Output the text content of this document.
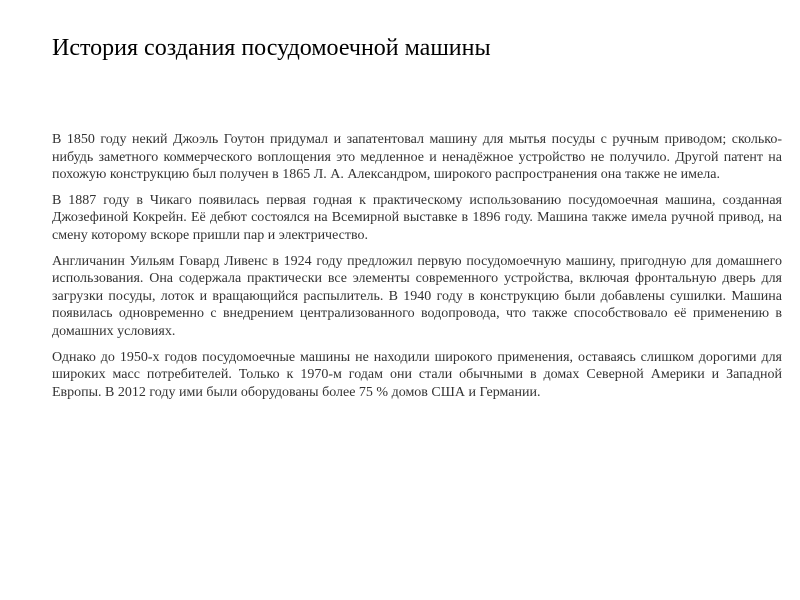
История создания посудомоечной машины

В 1850 году некий Джоэль Гоутон придумал и запатентовал машину для мытья посуды с ручным приводом; сколько-нибудь заметного коммерческого воплощения это медленное и ненадёжное устройство не получило. Другой патент на похожую конструкцию был получен в 1865 Л. А. Александром, широкого распространения она также не имела.

В 1887 году в Чикаго появилась первая годная к практическому использованию посудомоечная машина, созданная Джозефиной Кокрейн. Её дебют состоялся на Всемирной выставке в 1896 году. Машина также имела ручной привод, на смену которому вскоре пришли пар и электричество.

Англичанин Уильям Говард Ливенс в 1924 году предложил первую посудомоечную машину, пригодную для домашнего использования. Она содержала практически все элементы современного устройства, включая фронтальную дверь для загрузки посуды, лоток и вращающийся распылитель. В 1940 году в конструкцию были добавлены сушилки. Машина появилась одновременно с внедрением централизованного водопровода, что также способствовало её применению в домашних условиях.

Однако до 1950-х годов посудомоечные машины не находили широкого применения, оставаясь слишком дорогими для широких масс потребителей. Только к 1970-м годам они стали обычными в домах Северной Америки и Западной Европы. В 2012 году ими были оборудованы более 75 % домов США и Германии.
